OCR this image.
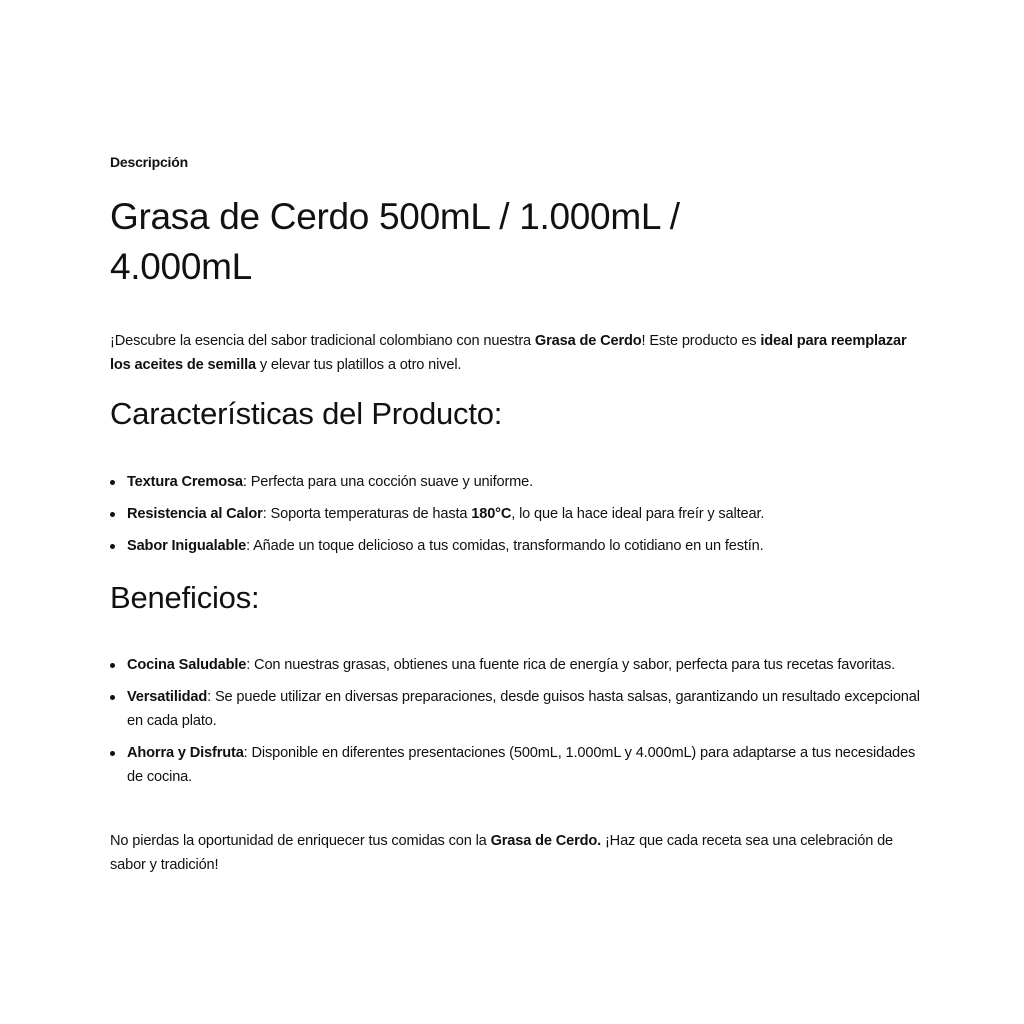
Descripción

Grasa de Cerdo 500mL / 1.000mL / 4.000mL

¡Descubre la esencia del sabor tradicional colombiano con nuestra Grasa de Cerdo! Este producto es ideal para reemplazar los aceites de semilla y elevar tus platillos a otro nivel.

Características del Producto:
Textura Cremosa: Perfecta para una cocción suave y uniforme.
Resistencia al Calor: Soporta temperaturas de hasta 180°C, lo que la hace ideal para freír y saltear.
Sabor Inigualable: Añade un toque delicioso a tus comidas, transformando lo cotidiano en un festín.
Beneficios:
Cocina Saludable: Con nuestras grasas, obtienes una fuente rica de energía y sabor, perfecta para tus recetas favoritas.
Versatilidad: Se puede utilizar en diversas preparaciones, desde guisos hasta salsas, garantizando un resultado excepcional en cada plato.
Ahorra y Disfruta: Disponible en diferentes presentaciones (500mL, 1.000mL y 4.000mL) para adaptarse a tus necesidades de cocina.

No pierdas la oportunidad de enriquecer tus comidas con la Grasa de Cerdo. ¡Haz que cada receta sea una celebración de sabor y tradición!
